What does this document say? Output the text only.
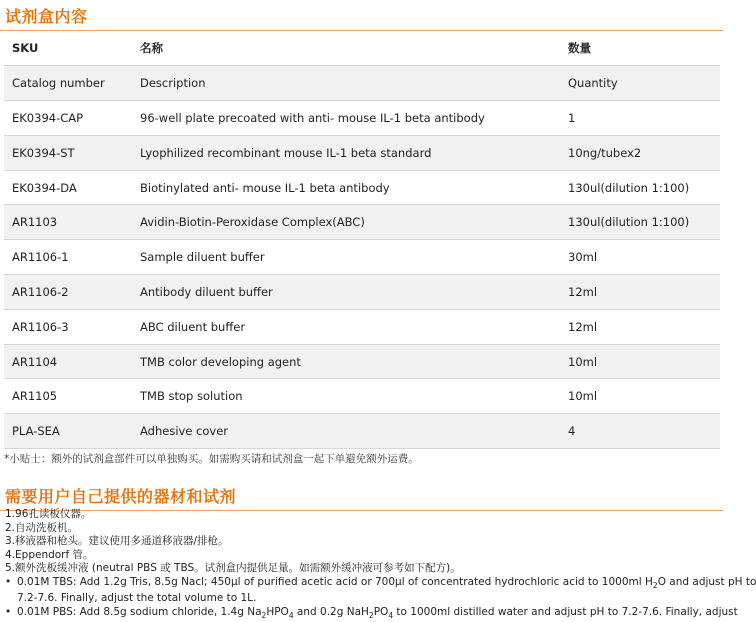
试剂盒内容
SKU	名称	数量
Catalog number	Description	Quantity
EK0394-CAP	96-well plate precoated with anti- mouse IL-1 beta antibody	1
EK0394-ST	Lyophilized recombinant mouse IL-1 beta standard	10ng/tubex2
EK0394-DA	Biotinylated anti- mouse IL-1 beta antibody	130ul(dilution 1:100)
AR1103	Avidin-Biotin-Peroxidase Complex(ABC)	130ul(dilution 1:100)
AR1106-1	Sample diluent buffer	30ml
AR1106-2	Antibody diluent buffer	12ml
AR1106-3	ABC diluent buffer	12ml
AR1104	TMB color developing agent	10ml
AR1105	TMB stop solution	10ml
PLA-SEA	Adhesive cover	4
*小贴士：额外的试剂盒部件可以单独购买。如需购买请和试剂盒一起下单避免额外运费。
需要用户自己提供的器材和试剂
1.96孔读板仪器。
2.自动洗板机。
3.移液器和枪头。建议使用多通道移液器/排枪。
4.Eppendorf 管。
5.额外洗板缓冲液 (neutral PBS 或 TBS。试剂盒内提供足量。如需额外缓冲液可参考如下配方)。
• 0.01M TBS: Add 1.2g Tris, 8.5g Nacl; 450µl of purified acetic acid or 700µl of concentrated hydrochloric acid to 1000ml $H_2O$ and adjust pH to
7.2-7.6. Finally, adjust the total volume to 1L.
• 0.01M PBS: Add 8.5g sodium chloride, 1.4g $Na_2HPO_4$ and 0.2g $NaH_2PO_4$ to 1000ml distilled water and adjust pH to 7.2-7.6. Finally, adjust
